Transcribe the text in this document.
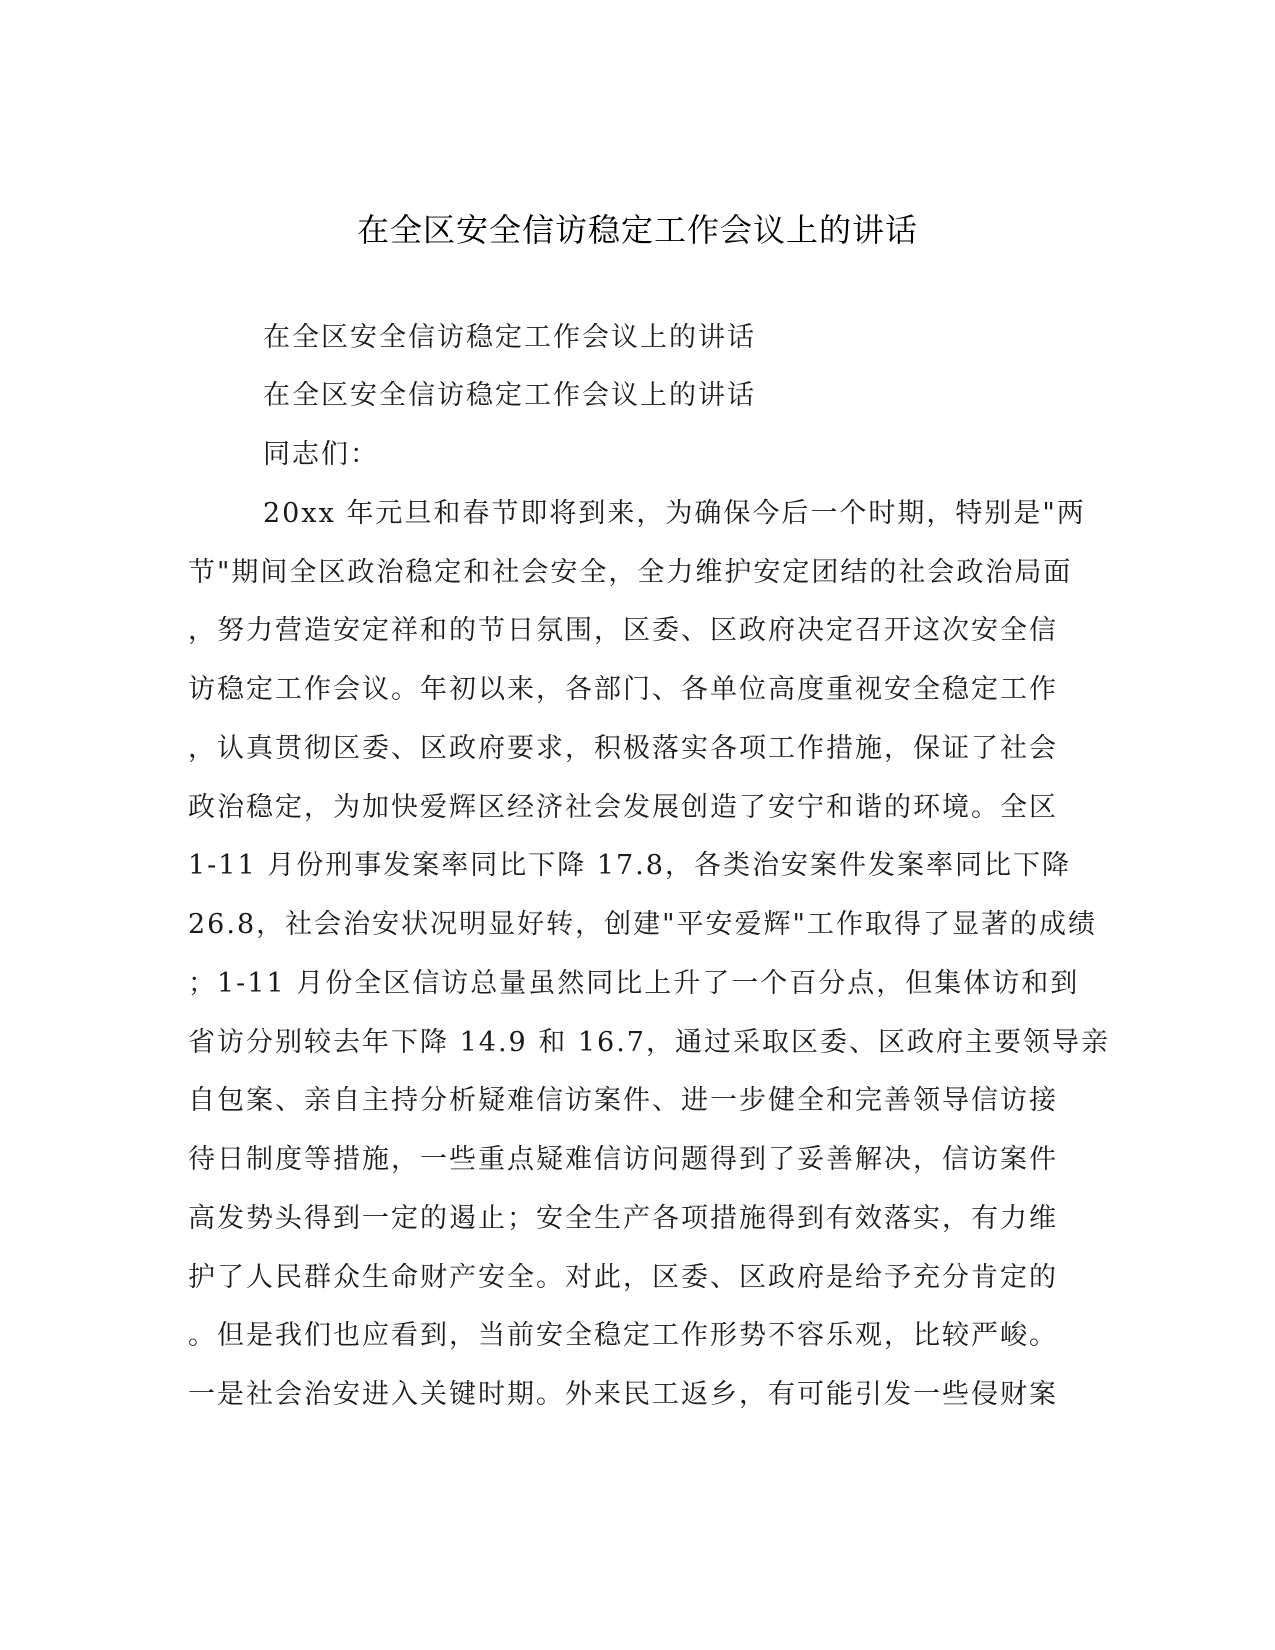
在全区安全信访稳定工作会议上的讲话
在全区安全信访稳定工作会议上的讲话
在全区安全信访稳定工作会议上的讲话
同志们：
20xx 年元旦和春节即将到来，为确保今后一个时期，特别是"两
节"期间全区政治稳定和社会安全，全力维护安定团结的社会政治局面
，努力营造安定祥和的节日氛围，区委、区政府决定召开这次安全信
访稳定工作会议。年初以来，各部门、各单位高度重视安全稳定工作
，认真贯彻区委、区政府要求，积极落实各项工作措施，保证了社会
政治稳定，为加快爱辉区经济社会发展创造了安宁和谐的环境。全区
1-11 月份刑事发案率同比下降 17.8，各类治安案件发案率同比下降
26.8，社会治安状况明显好转，创建"平安爱辉"工作取得了显著的成绩
；1-11 月份全区信访总量虽然同比上升了一个百分点，但集体访和到
省访分别较去年下降 14.9 和 16.7，通过采取区委、区政府主要领导亲
自包案、亲自主持分析疑难信访案件、进一步健全和完善领导信访接
待日制度等措施，一些重点疑难信访问题得到了妥善解决，信访案件
高发势头得到一定的遏止；安全生产各项措施得到有效落实，有力维
护了人民群众生命财产安全。对此，区委、区政府是给予充分肯定的
。但是我们也应看到，当前安全稳定工作形势不容乐观，比较严峻。
一是社会治安进入关键时期。外来民工返乡，有可能引发一些侵财案
